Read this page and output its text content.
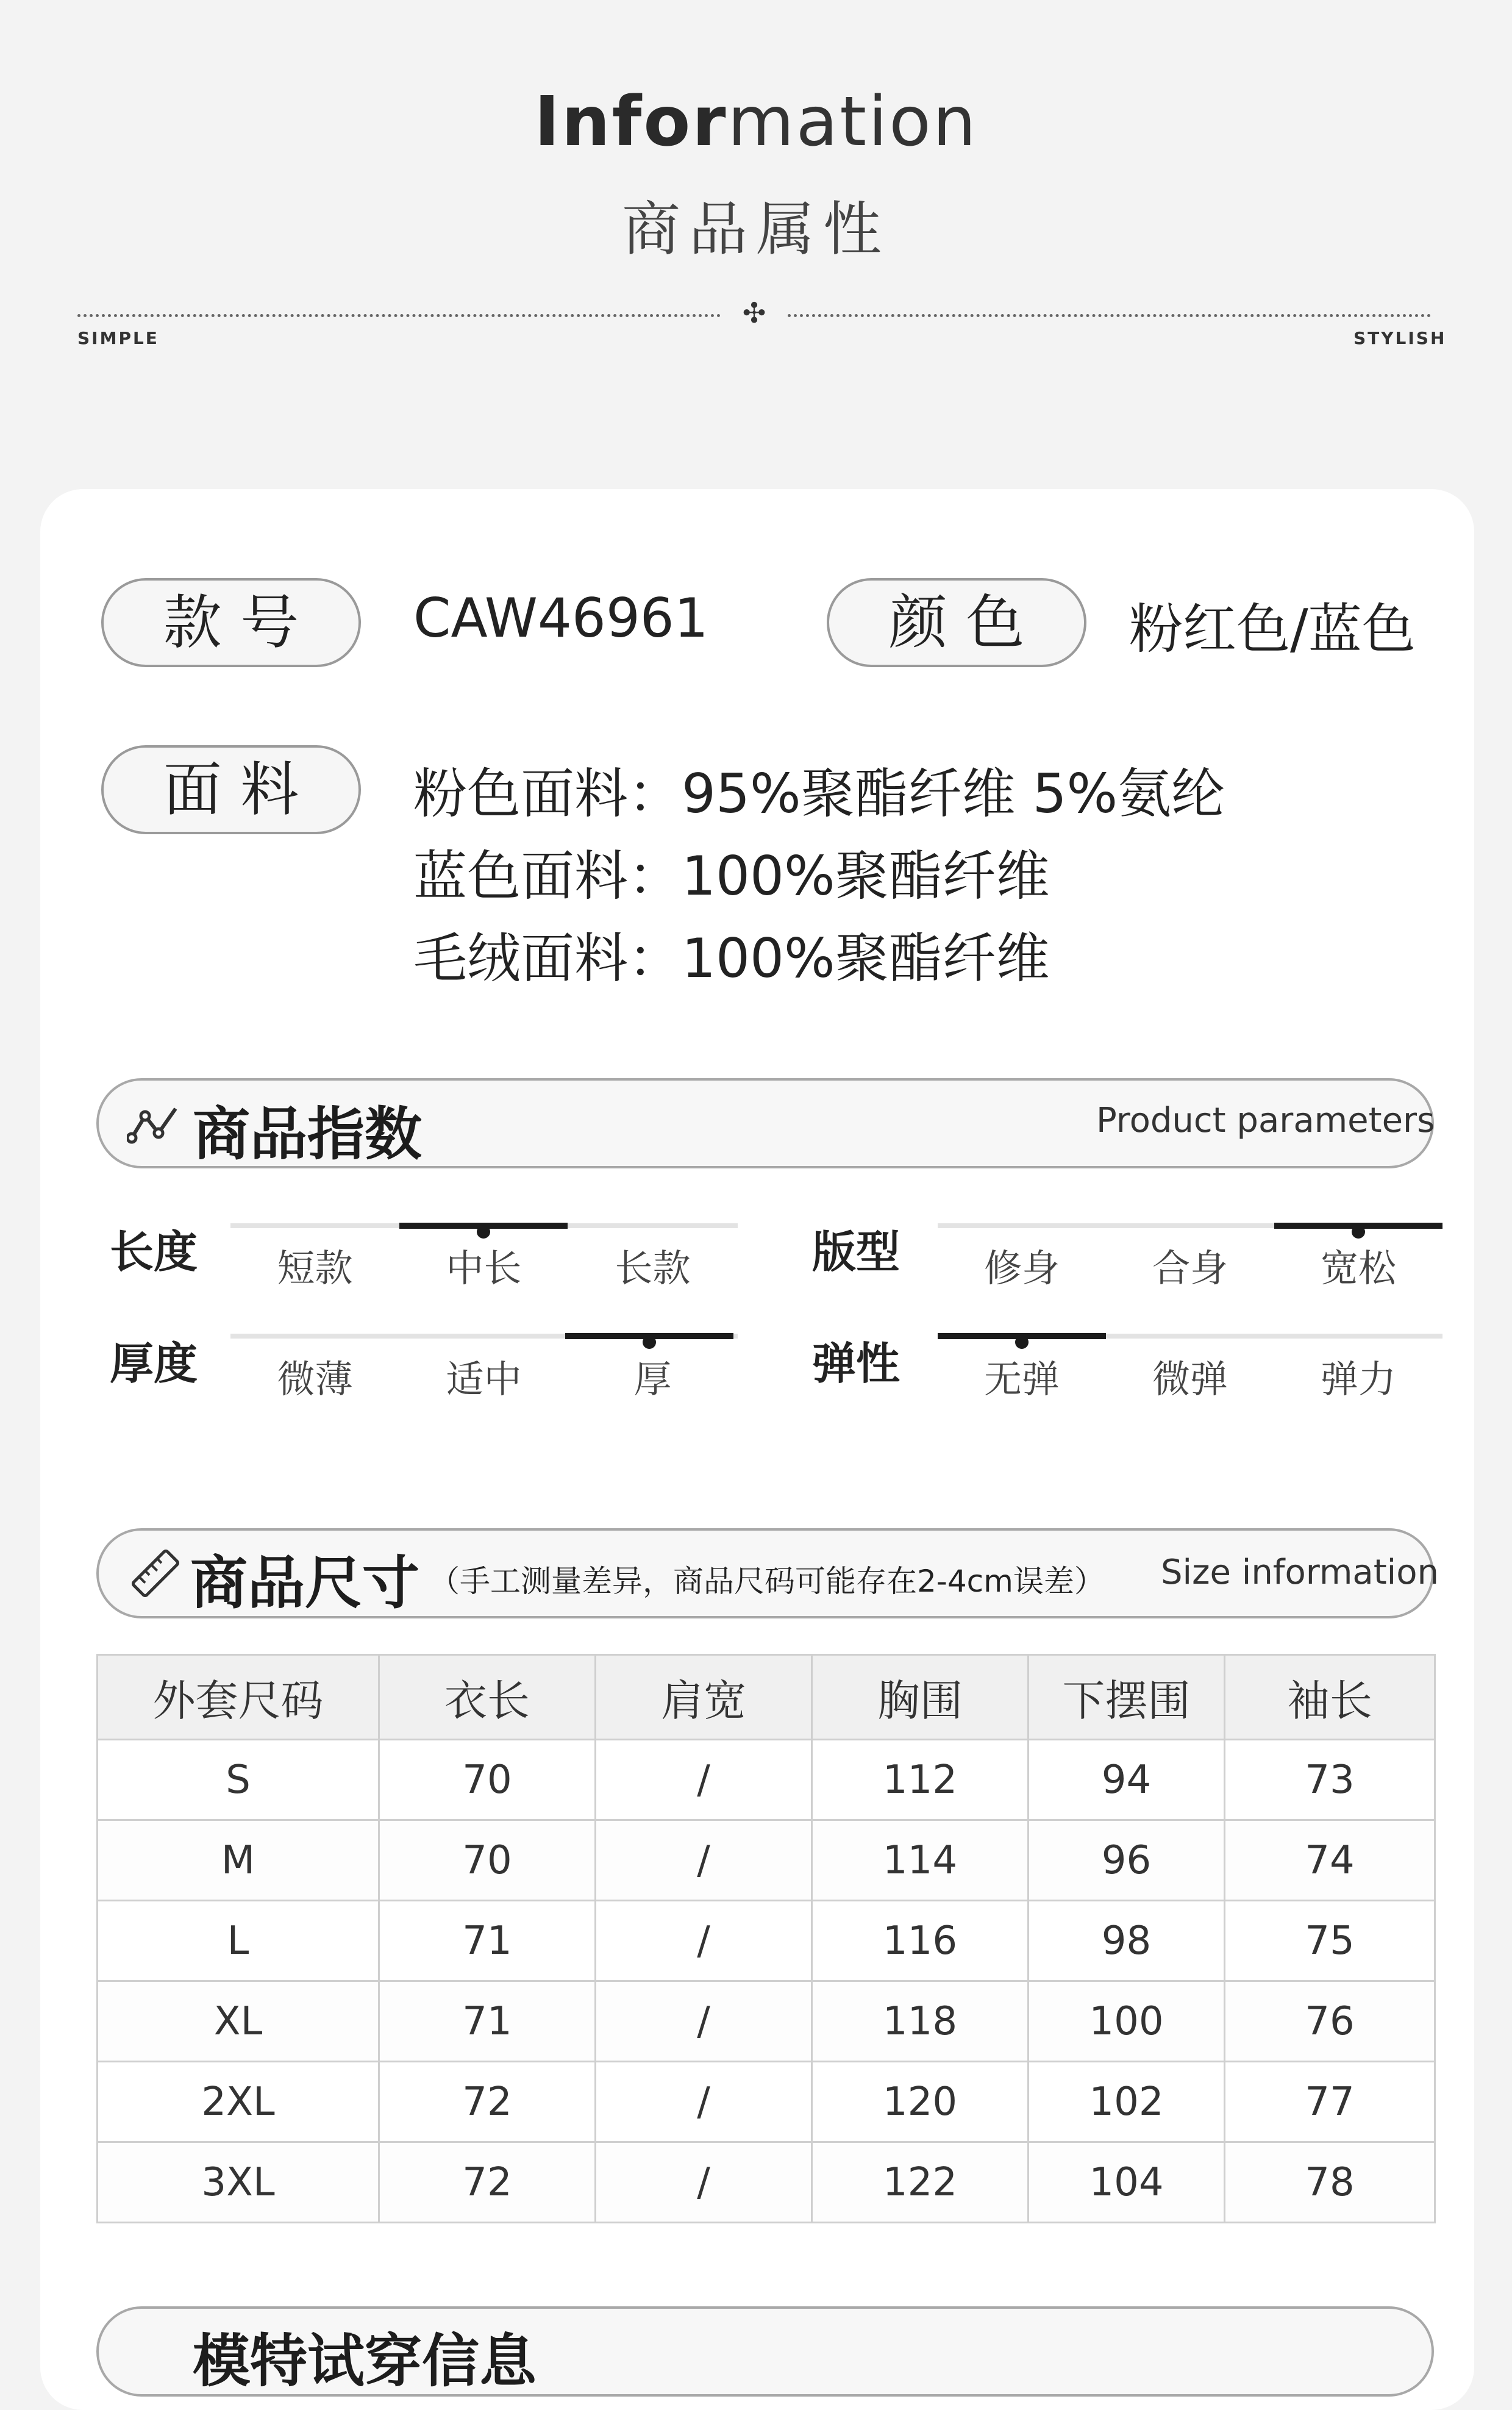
Information
商品属性
✣
SIMPLE	STYLISH
款 号	CAW46961	颜 色	粉红色/蓝色
面 料	粉色面料：95%聚酯纤维 5%氨纶
蓝色面料：100%聚酯纤维
毛绒面料：100%聚酯纤维
商品指数	Product parameters
长度	短款	中长	长款	版型	修身	合身	宽松
厚度	微薄	适中	厚	弹性	无弹	微弹	弹力
商品尺寸 （手工测量差异，商品尺码可能存在2-4cm误差） Size information
外套尺码	衣长	肩宽	胸围	下摆围	袖长
S	70	/	112	94	73
M	70	/	114	96	74
L	71	/	116	98	75
XL	71	/	118	100	76
2XL	72	/	120	102	77
3XL	72	/	122	104	78
模特试穿信息
